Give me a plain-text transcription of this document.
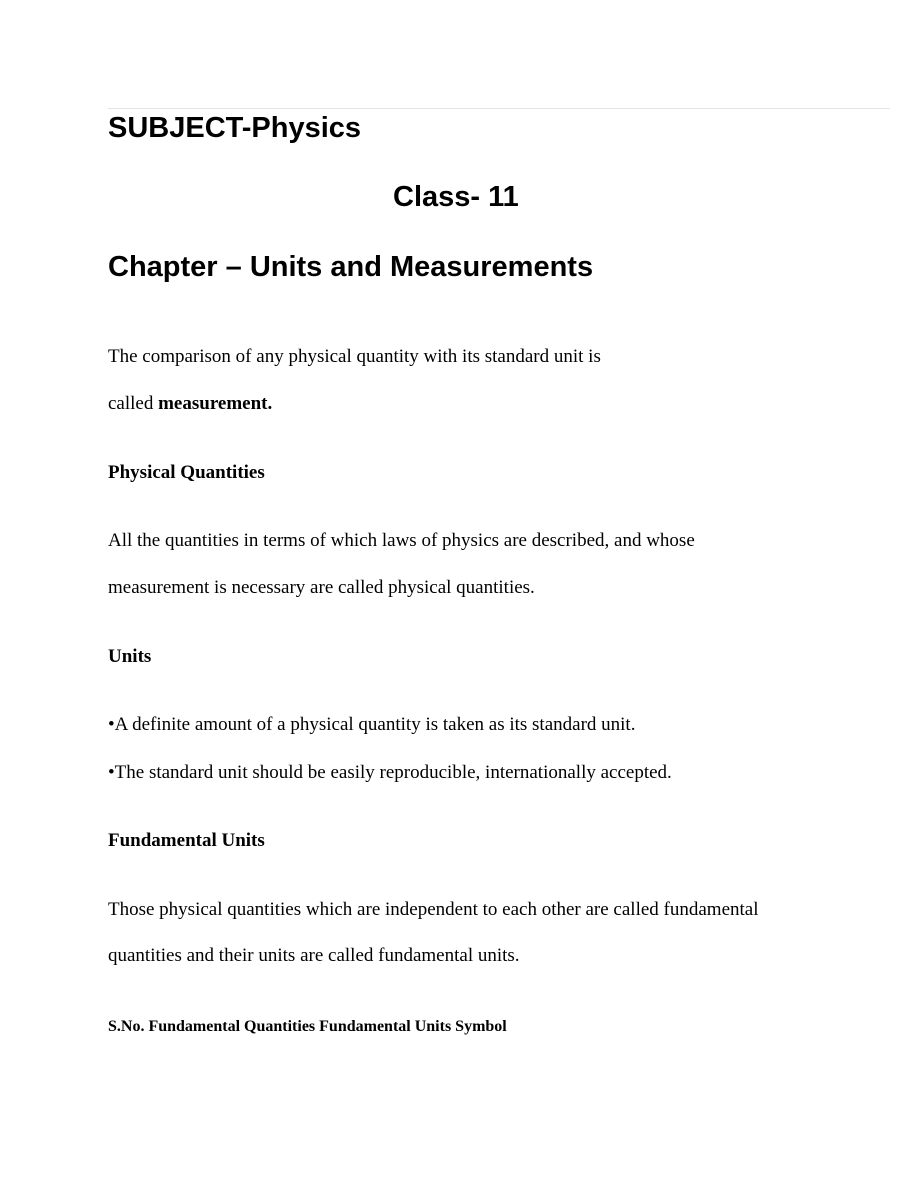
SUBJECT-Physics
Class- 11
Chapter – Units and Measurements

The comparison of any physical quantity with its standard unit is

called measurement.

Physical Quantities

All the quantities in terms of which laws of physics are described, and whose

measurement is necessary are called physical quantities.

Units

•A definite amount of a physical quantity is taken as its standard unit.

•The standard unit should be easily reproducible, internationally accepted.

Fundamental Units

Those physical quantities which are independent to each other are called fundamental

quantities and their units are called fundamental units.

S.No. Fundamental Quantities Fundamental Units Symbol
